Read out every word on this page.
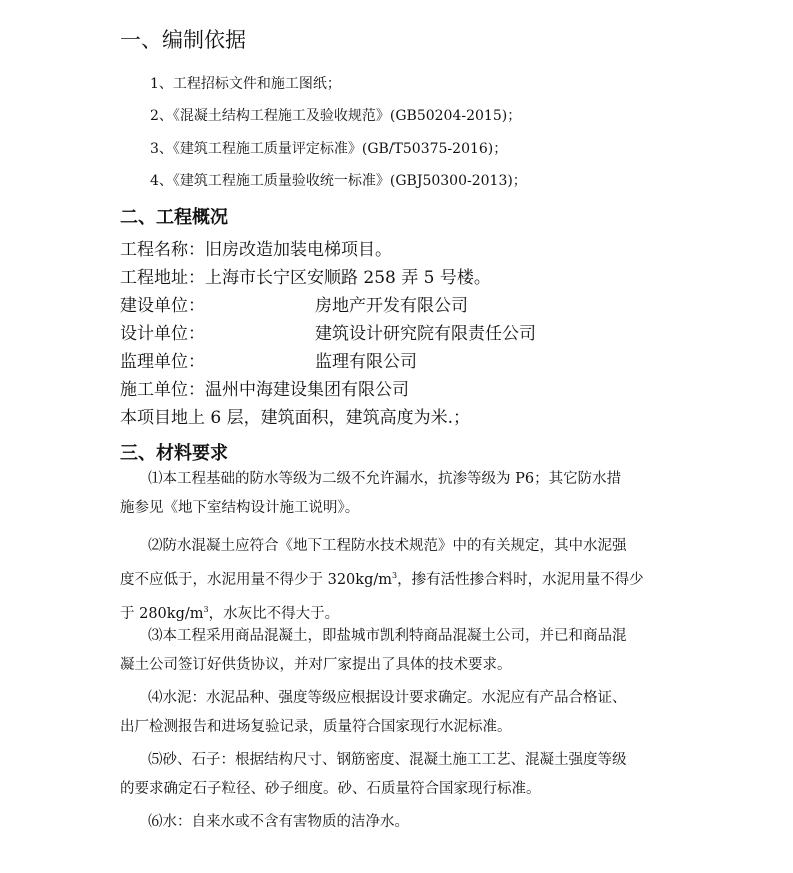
一、编制依据
1、工程招标文件和施工图纸；
2、《混凝土结构工程施工及验收规范》(GB50204-2015)；
3、《建筑工程施工质量评定标准》(GB/T50375-2016)；
4、《建筑工程施工质量验收统一标准》(GBJ50300-2013)；
二、工程概况
工程名称：旧房改造加装电梯项目。
工程地址：上海市长宁区安顺路 258 弄 5 号楼。
建设单位：	房地产开发有限公司
设计单位：	建筑设计研究院有限责任公司
监理单位：	监理有限公司
施工单位：温州中海建设集团有限公司
本项目地上 6 层，建筑面积，建筑高度为米.；
三、材料要求
⑴本工程基础的防水等级为二级不允许漏水，抗渗等级为 P6；其它防水措
施参见《地下室结构设计施工说明》。
⑵防水混凝土应符合《地下工程防水技术规范》中的有关规定，其中水泥强
度不应低于，水泥用量不得少于 $320kg/m^3$，掺有活性掺合料时，水泥用量不得少
于 $280kg/m^3$，水灰比不得大于。
⑶本工程采用商品混凝土，即盐城市凯利特商品混凝土公司，并已和商品混
凝土公司签订好供货协议，并对厂家提出了具体的技术要求。
⑷水泥：水泥品种、强度等级应根据设计要求确定。水泥应有产品合格证、
出厂检测报告和进场复验记录，质量符合国家现行水泥标准。
⑸砂、石子：根据结构尺寸、钢筋密度、混凝土施工工艺、混凝土强度等级
的要求确定石子粒径、砂子细度。砂、石质量符合国家现行标准。
⑹水：自来水或不含有害物质的洁净水。
